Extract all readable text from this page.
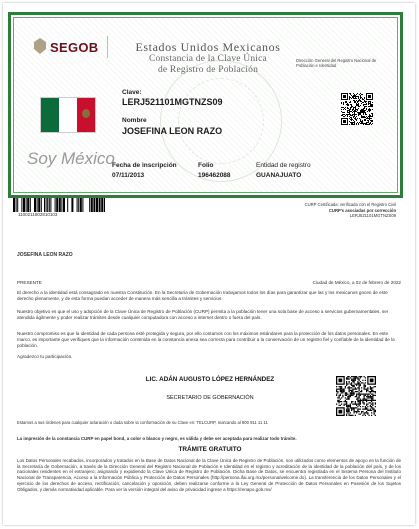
SEGOB	Estados Unidos Mexicanos
Constancia de la Clave Única
de Registro de Población
Dirección General del Registro Nacional de Población e Identidad
Clave:
LERJ521101MGTNZS09
Nombre
JOSEFINA LEON RAZO
Soy México
Fecha de inscripción
07/11/2013
Folio
196462088
Entidad de registro
GUANAJUATO
1100211802810103
CURP Certificada: verificada con el Registro Civil
CURP's asociadas por corrección
LERJ521101MGTNZS09
JOSEFINA LEON RAZO
PRESENTE	Ciudad de México, a 02 de febrero de 2022
El derecho a la identidad está consagrado en nuestra Constitución. En la Secretaría de Gobernación trabajamos todos los días para garantizar que las y los mexicanos gocen de este derecho plenamente, y de esta forma puedan acceder de manera más sencilla a trámites y servicios.
Nuestro objetivo es que el uso y adopción de la Clave Única de Registro de Población (CURP) permita a la población tener una sola base de acceso a servicios gubernamentales, ser atendida ágilmente y poder realizar trámites desde cualquier computadora con acceso a internet dentro o fuera del país.
Nuestro compromiso es que la identidad de cada persona esté protegida y segura, por ello contamos con los máximos estándares para la protección de los datos personales. En este marco, es importante que verifiques que la información contenida en la constancia anexa sea correcta para contribuir a la conservación de un registro fiel y confiable de la identidad de la población.
Agradezco tu participación.
LIC. ADÁN AUGUSTO LÓPEZ HERNÁNDEZ
SECRETARIO DE GOBERNACIÓN
Estamos a sus órdenes para cualquier aclaración o duda sobre la conformación de su Clave en: TELCURP, marcando al 800 911 11 11
La impresión de la constancia CURP en papel bond, a color o blanco y negro, es válida y debe ser aceptada para realizar todo trámite.
TRÁMITE GRATUITO
Los Datos Personales recabados, incorporados y tratados en la Base de Datos Nacional de la Clave Única de Registro de Población, son utilizados como elementos de apoyo en la función de la Secretaría de Gobernación, a través de la Dirección General del Registro Nacional de Población e Identidad en el registro y acreditación de la identidad de la población del país, y de los nacionales residentes en el extranjero; asignando y expidiendo la Clave Única de Registro de Población. Dicha Base de Datos, se encuentra registrada en el Sistema Persona del Instituto Nacional de Transparencia, Acceso a la Información Pública y Protección de Datos Personales (http://persona.ifai.org.mx/persona/welcome.do). La transferencia de los Datos Personales y el ejercicio de los derechos de acceso, rectificación, cancelación y oposición, deben realizarse conforme a la Ley General de Protección de Datos Personales en Posesión de los Sujetos Obligados, y demás normatividad aplicable. Para ver la versión integral del aviso de privacidad ingrese a https://renapo.gob.mx/
